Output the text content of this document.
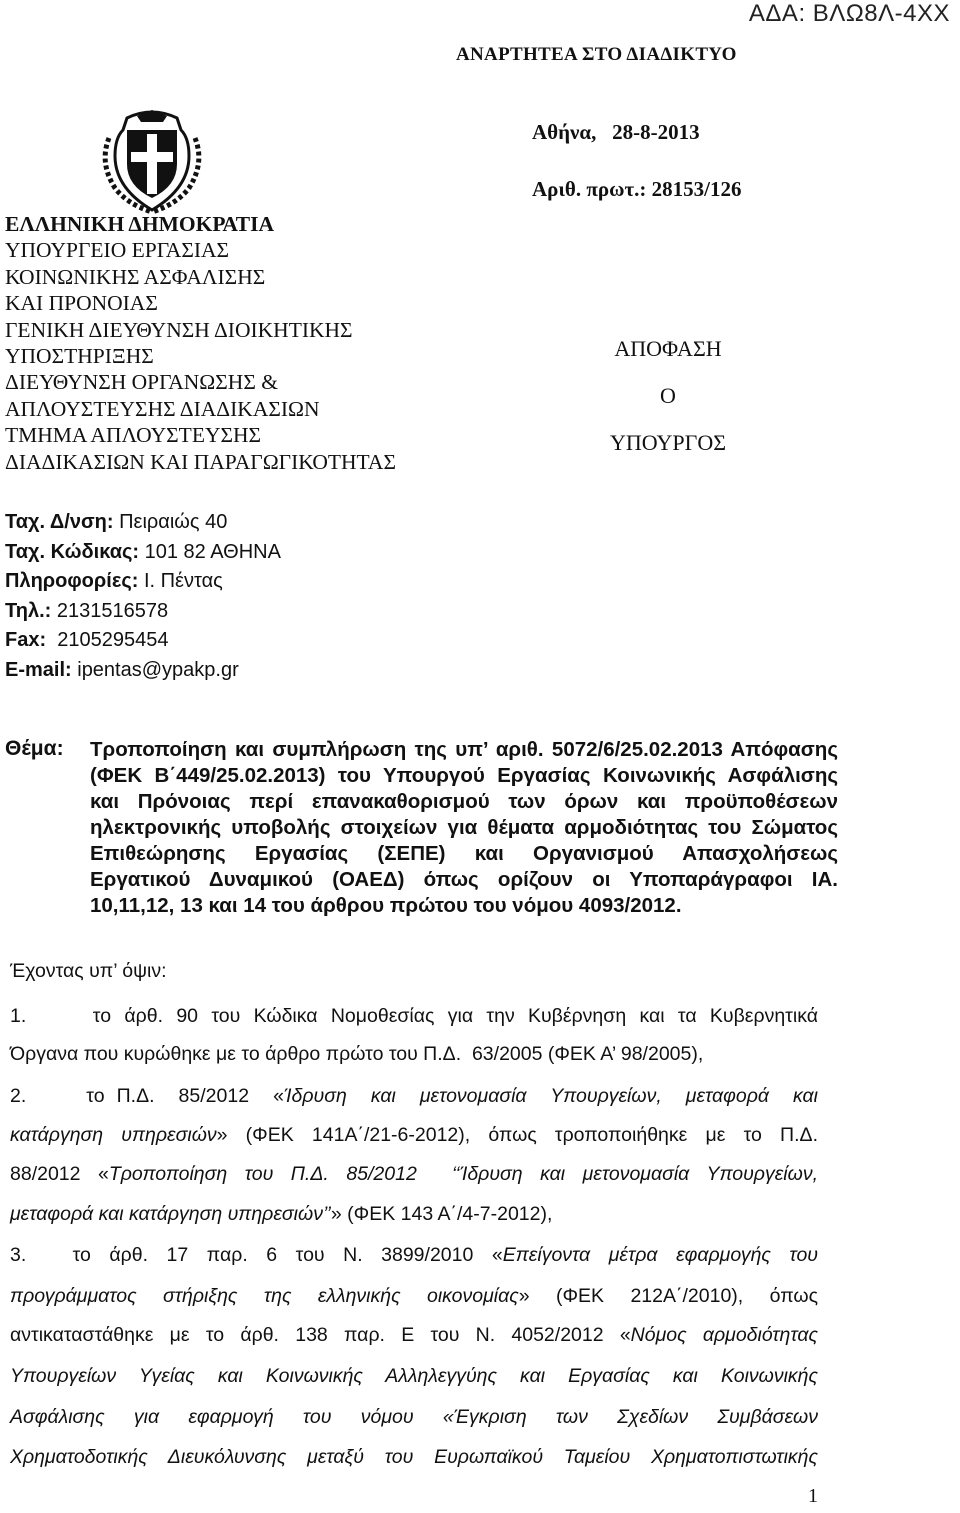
ΑΔΑ: ΒΛΩ8Λ-4ΧΧ
ΑΝΑΡΤΗΤΕΑ ΣΤΟ ΔΙΑΔΙΚΤΥΟ
ΕΛΛΗΝΙΚΗ ΔΗΜΟΚΡΑΤΙΑ
ΥΠΟΥΡΓΕΙΟ ΕΡΓΑΣΙΑΣ
ΚΟΙΝΩΝΙΚΗΣ ΑΣΦΑΛΙΣΗΣ
ΚΑΙ ΠΡΟΝΟΙΑΣ
ΓΕΝΙΚΗ ΔΙΕΥΘΥΝΣΗ ΔΙΟΙΚΗΤΙΚΗΣ
ΥΠΟΣΤΗΡΙΞΗΣ
ΔΙΕΥΘΥΝΣΗ ΟΡΓΑΝΩΣΗΣ &
ΑΠΛΟΥΣΤΕΥΣΗΣ ΔΙΑΔΙΚΑΣΙΩΝ
ΤΜΗΜΑ ΑΠΛΟΥΣΤΕΥΣΗΣ
ΔΙΑΔΙΚΑΣΙΩΝ ΚΑΙ ΠΑΡΑΓΩΓΙΚΟΤΗΤΑΣ
Αθήνα,   28-8-2013
Αριθ. πρωτ.: 28153/126
ΑΠΟΦΑΣΗ
Ο
ΥΠΟΥΡΓΟΣ
Ταχ. Δ/νση: Πειραιώς 40
Ταχ. Κώδικας: 101 82 ΑΘΗΝΑ
Πληροφορίες: Ι. Πέντας
Τηλ.: 2131516578
Fax:  2105295454
E-mail: ipentas@ypakp.gr
Θέμα: Τροποποίηση και συμπλήρωση της υπ’ αριθ. 5072/6/25.02.2013 Απόφασης
(ΦΕΚ Β΄449/25.02.2013) του Υπουργού Εργασίας Κοινωνικής Ασφάλισης
και Πρόνοιας περί επανακαθορισμού των όρων και προϋποθέσεων
ηλεκτρονικής υποβολής στοιχείων για θέματα αρμοδιότητας του Σώματος
Επιθεώρησης Εργασίας (ΣΕΠΕ) και Οργανισμού Απασχολήσεως
Εργατικού Δυναμικού (ΟΑΕΔ) όπως ορίζουν οι Υποπαράγραφοι ΙΑ.
10,11,12, 13 και 14 του άρθρου πρώτου του νόμου 4093/2012.
Έχοντας υπ’ όψιν:
1.     το άρθ. 90 του Κώδικα Νομοθεσίας για την Κυβέρνηση και τα Κυβερνητικά
Όργανα που κυρώθηκε με το άρθρο πρώτο του Π.Δ.  63/2005 (ΦΕΚ Α’ 98/2005),
2.     το Π.Δ.  85/2012  «Ίδρυση  και  μετονομασία  Υπουργείων,  μεταφορά  και
κατάργηση υπηρεσιών» (ΦΕΚ 141Α΄/21-6-2012), όπως τροποποιήθηκε με το Π.Δ.
88/2012 «Τροποποίηση του Π.Δ. 85/2012  ‘‘Ίδρυση και μετονομασία Υπουργείων,
μεταφορά και κατάργηση υπηρεσιών’’» (ΦΕΚ 143 Α΄/4-7-2012),
3.     το  άρθ.  17  παρ.  6  του  Ν.  3899/2010  «Επείγοντα  μέτρα  εφαρμογής  του
προγράμματος  στήριξης  της  ελληνικής  οικονομίας»  (ΦΕΚ  212Α΄/2010),  όπως
αντικαταστάθηκε με το άρθ. 138 παρ. Ε του Ν. 4052/2012 «Νόμος αρμοδιότητας
Υπουργείων Υγείας και Κοινωνικής Αλληλεγγύης και Εργασίας και Κοινωνικής
Ασφάλισης  για  εφαρμογή  του  νόμου  «Έγκριση  των  Σχεδίων  Συμβάσεων
Χρηματοδοτικής Διευκόλυνσης μεταξύ του Ευρωπαϊκού Ταμείου Χρηματοπιστωτικής
1
